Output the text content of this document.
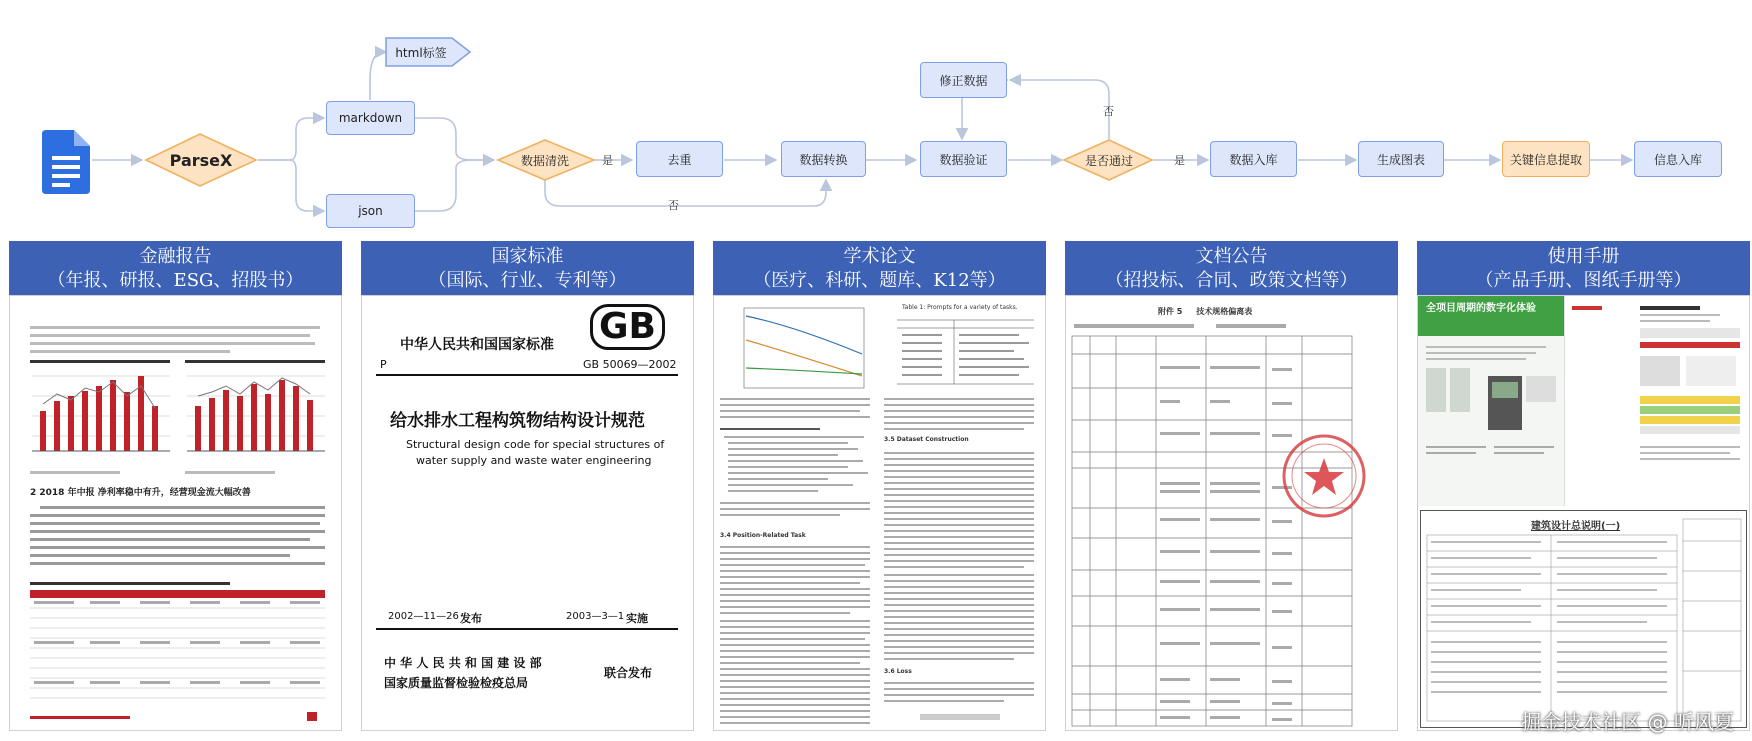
ParseX
markdown
html标签
json
数据清洗	是
否
去重	数据转换
修正数据
数据验证	是否通过
否
是	数据入库	生成图表	关键信息提取	信息入库
金融报告
（年报、研报、ESG、招股书）
2 2018 年中报 净利率稳中有升，经营现金流大幅改善
国家标准
（国际、行业、专利等）
GB
中华人民共和国国家标准
P	GB 50069—2002
给水排水工程构筑物结构设计规范
Structural design code for special structures of
water supply and waste water engineering
2002—11—26 发布	2003—3—1 实施
中 华 人 民 共 和 国 建 设 部
国家质量监督检验检疫总局
联合发布
学术论文
（医疗、科研、题库、K12等）
Table 1: Prompts for a variety of tasks.
3.5 Dataset Construction
3.4 Position-Related Task
3.6 Loss
文档公告
（招投标、合同、政策文档等）
附件 5     技术规格偏离表
使用手册
（产品手册、图纸手册等）
全项目周期的数字化体验
建筑设计总说明(一)
掘金技术社区 @ 听风夏
